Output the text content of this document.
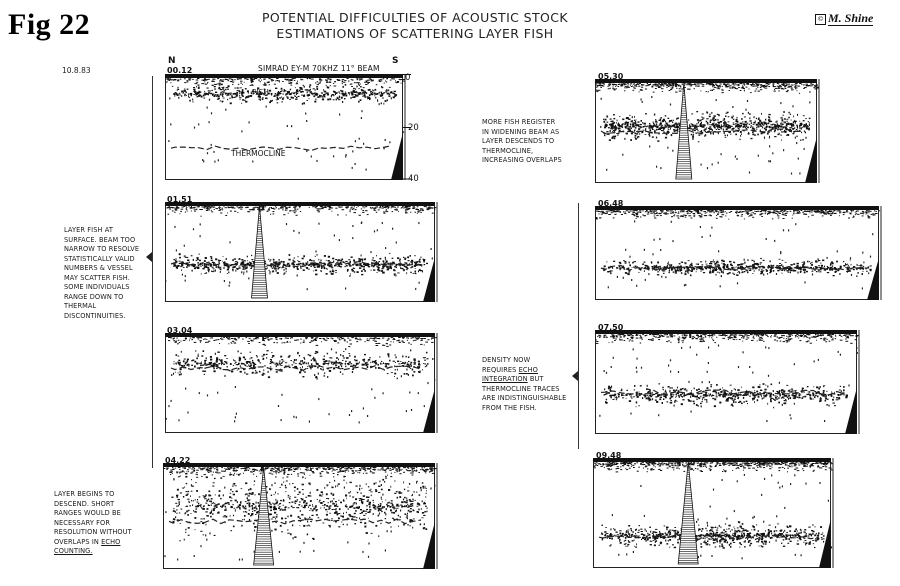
Fig 22	POTENTIAL DIFFICULTIES OF ACOUSTIC STOCK
ESTIMATIONS OF SCATTERING LAYER FISH
© M. Shine
10.8.83
N	S
SIMRAD EY-M 70KHZ 11° BEAM
00.12
01.51
03.04
04.22
05.30
06.48
07.50
09.48
0
20
40
FISH
THERMOCLINE
LAYER FISH AT
SURFACE. BEAM TOO
NARROW TO RESOLVE
STATISTICALLY VALID
NUMBERS & VESSEL
MAY SCATTER FISH.
SOME INDIVIDUALS
RANGE DOWN TO
THERMAL
DISCONTINUITIES.
LAYER BEGINS TO
DESCEND. SHORT
RANGES WOULD BE
NECESSARY FOR
RESOLUTION WITHOUT
OVERLAPS IN ECHO
COUNTING.
MORE FISH REGISTER
IN WIDENING BEAM AS
LAYER DESCENDS TO
THERMOCLINE,
INCREASING OVERLAPS
DENSITY NOW
REQUIRES ECHO
INTEGRATION BUT
THERMOCLINE TRACES
ARE INDISTINGUISHABLE
FROM THE FISH.
